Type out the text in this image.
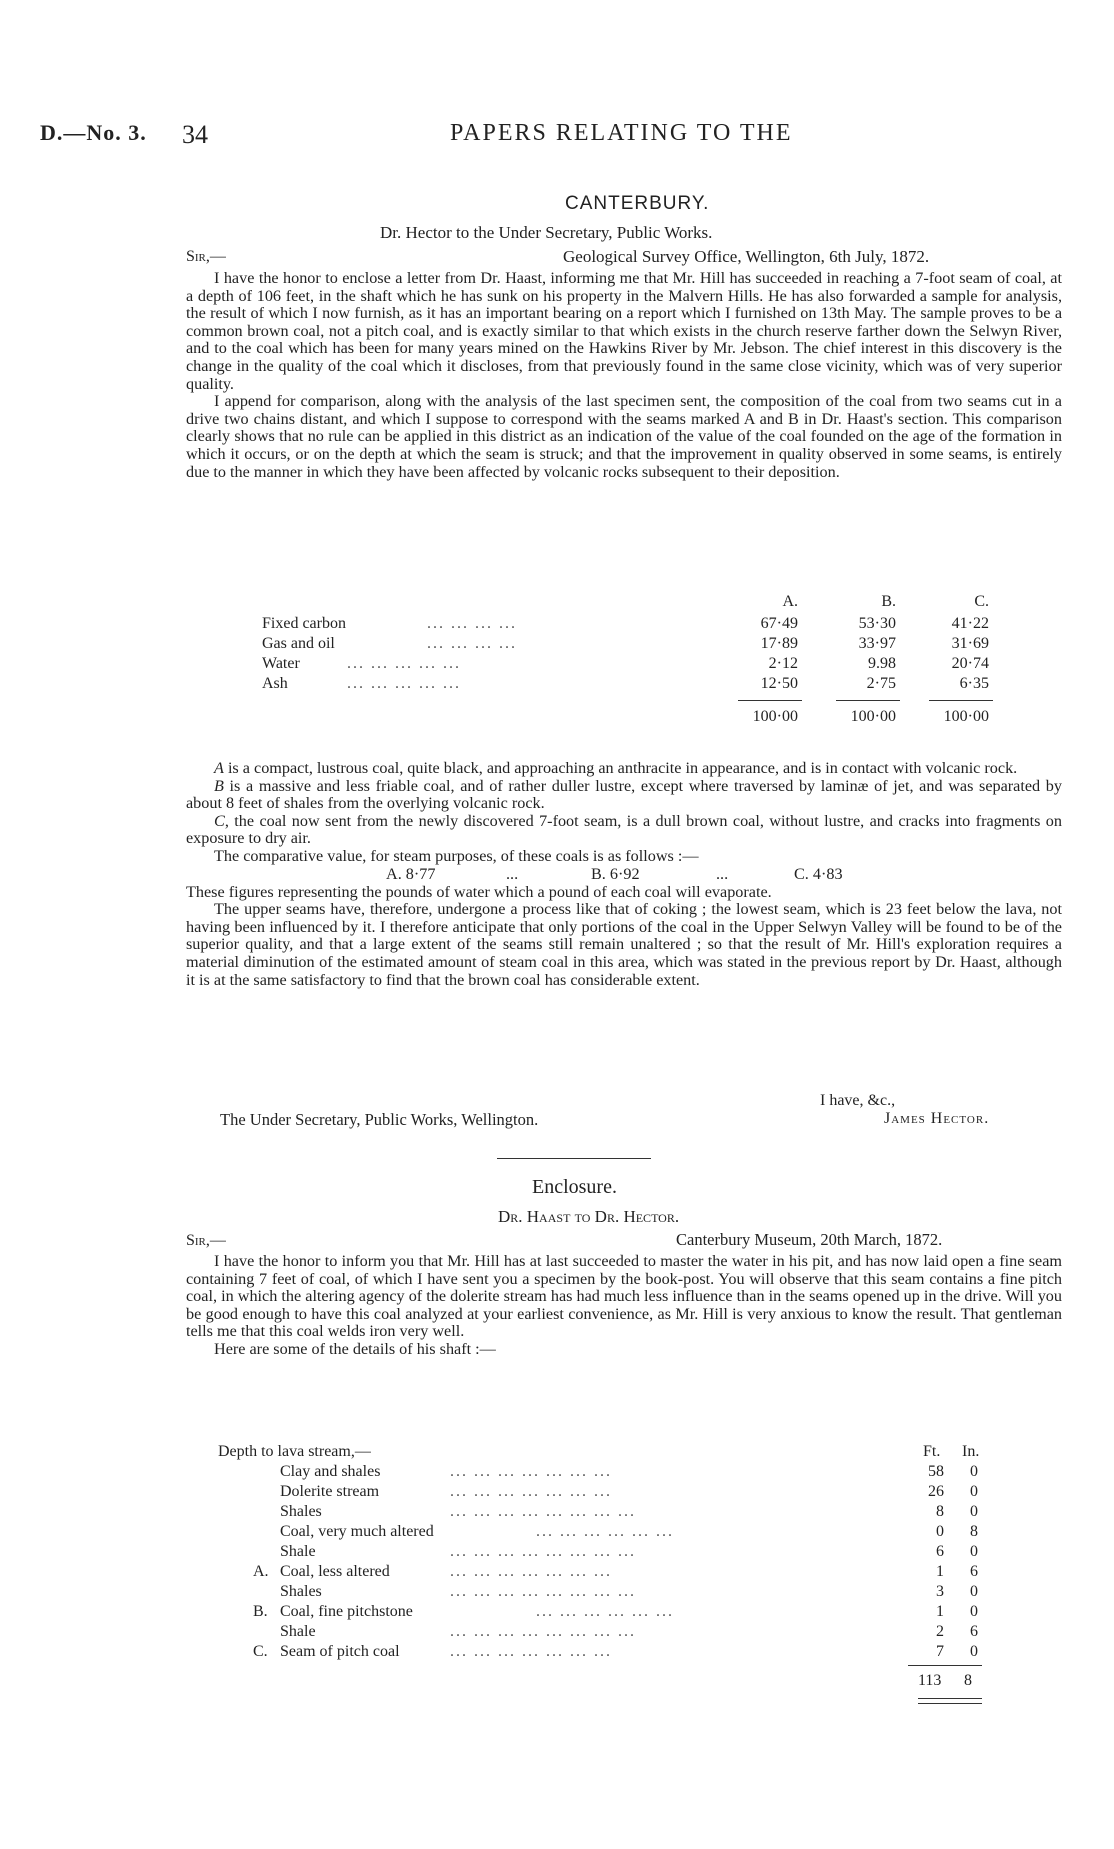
D.—No. 3. 34	PAPERS RELATING TO THE
CANTERBURY.
Dr. Hector to the Under Secretary, Public Works.
Sir,—	Geological Survey Office, Wellington, 6th July, 1872.

I have the honor to enclose a letter from Dr. Haast, informing me that Mr. Hill has succeeded in reaching a 7-foot seam of coal, at a depth of 106 feet, in the shaft which he has sunk on his property in the Malvern Hills. He has also forwarded a sample for analysis, the result of which I now furnish, as it has an important bearing on a report which I furnished on 13th May. The sample proves to be a common brown coal, not a pitch coal, and is exactly similar to that which exists in the church reserve farther down the Selwyn River, and to the coal which has been for many years mined on the Hawkins River by Mr. Jebson. The chief interest in this discovery is the change in the quality of the coal which it discloses, from that previously found in the same close vicinity, which was of very superior quality.

I append for comparison, along with the analysis of the last specimen sent, the composition of the coal from two seams cut in a drive two chains distant, and which I suppose to correspond with the seams marked A and B in Dr. Haast's section. This comparison clearly shows that no rule can be applied in this district as an indication of the value of the coal founded on the age of the formation in which it occurs, or on the depth at which the seam is struck; and that the improvement in quality observed in some seams, is entirely due to the manner in which they have been affected by volcanic rocks subsequent to their deposition.

A.	B.	C.
Fixed carbon	... ... ... ...	67·49	53·30	41·22
Gas and oil	... ... ... ...	17·89	33·97	31·69
Water	... ... ... ... ...	2·12	9.98	20·74
Ash	... ... ... ... ...	12·50	2·75	6·35
100·00	100·00	100·00

A is a compact, lustrous coal, quite black, and approaching an anthracite in appearance, and is in contact with volcanic rock.

B is a massive and less friable coal, and of rather duller lustre, except where traversed by laminæ of jet, and was separated by about 8 feet of shales from the overlying volcanic rock.

C, the coal now sent from the newly discovered 7-foot seam, is a dull brown coal, without lustre, and cracks into fragments on exposure to dry air.

The comparative value, for steam purposes, of these coals is as follows :—

A. 8·77	...	B. 6·92	...	C. 4·83

These figures representing the pounds of water which a pound of each coal will evaporate.

The upper seams have, therefore, undergone a process like that of coking ; the lowest seam, which is 23 feet below the lava, not having been influenced by it. I therefore anticipate that only portions of the coal in the Upper Selwyn Valley will be found to be of the superior quality, and that a large extent of the seams still remain unaltered ; so that the result of Mr. Hill's exploration requires a material diminution of the estimated amount of steam coal in this area, which was stated in the previous report by Dr. Haast, although it is at the same satisfactory to find that the brown coal has considerable extent.

I have, &c.,
The Under Secretary, Public Works, Wellington.	James Hector.
Enclosure.
Dr. Haast to Dr. Hector.
Sir,—	Canterbury Museum, 20th March, 1872.

I have the honor to inform you that Mr. Hill has at last succeeded to master the water in his pit, and has now laid open a fine seam containing 7 feet of coal, of which I have sent you a specimen by the book-post. You will observe that this seam contains a fine pitch coal, in which the altering agency of the dolerite stream has had much less influence than in the seams opened up in the drive. Will you be good enough to have this coal analyzed at your earliest convenience, as Mr. Hill is very anxious to know the result. That gentleman tells me that this coal welds iron very well.

Here are some of the details of his shaft :—

Depth to lava stream,—	Ft. In.
Clay and shales	... ... ... ... ... ... ...	58	0
Dolerite stream	... ... ... ... ... ... ...	26	0
Shales	... ... ... ... ... ... ... ...	8	0
Coal, very much altered	... ... ... ... ... ...	0	8
Shale	... ... ... ... ... ... ... ...	6	0
A. Coal, less altered	... ... ... ... ... ... ...	1	6
Shales	... ... ... ... ... ... ... ...	3	0
B. Coal, fine pitchstone	... ... ... ... ... ...	1	0
Shale	... ... ... ... ... ... ... ...	2	6
C. Seam of pitch coal	... ... ... ... ... ... ...	7	0
113 8
